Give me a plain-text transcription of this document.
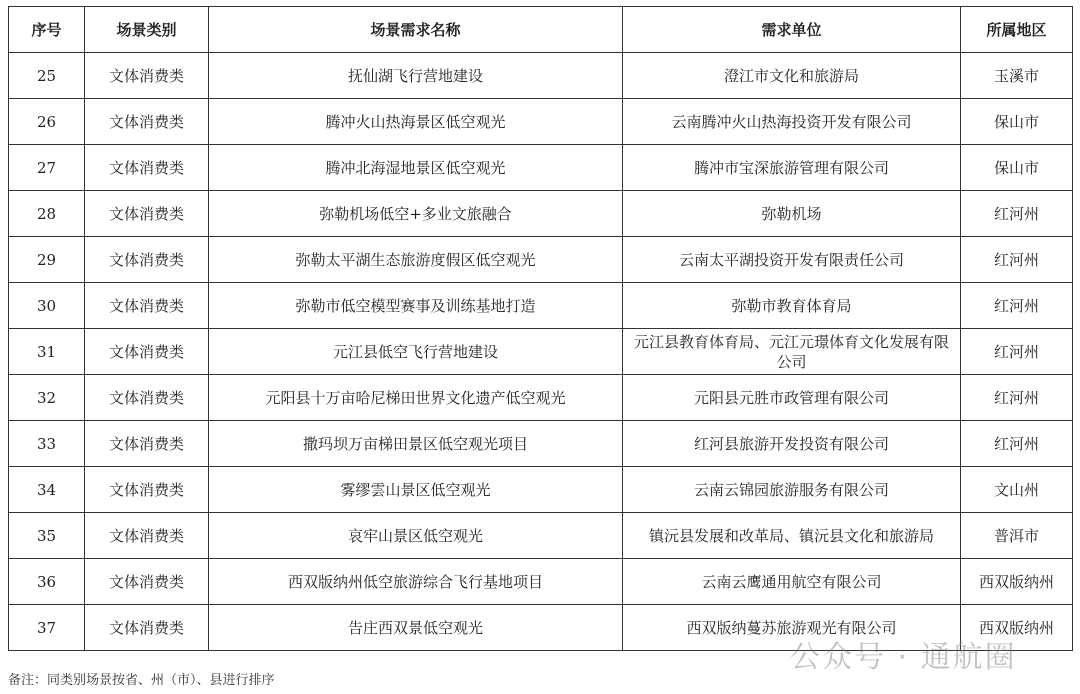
序号	场景类别	场景需求名称	需求单位	所属地区
25	文体消费类	抚仙湖飞行营地建设	澄江市文化和旅游局	玉溪市
26	文体消费类	腾冲火山热海景区低空观光	云南腾冲火山热海投资开发有限公司	保山市
27	文体消费类	腾冲北海湿地景区低空观光	腾冲市宝深旅游管理有限公司	保山市
28	文体消费类	弥勒机场低空+多业文旅融合	弥勒机场	红河州
29	文体消费类	弥勒太平湖生态旅游度假区低空观光	云南太平湖投资开发有限责任公司	红河州
30	文体消费类	弥勒市低空模型赛事及训练基地打造	弥勒市教育体育局	红河州
31	文体消费类	元江县低空飞行营地建设	元江县教育体育局、元江元璟体育文化发展有限公司	红河州
32	文体消费类	元阳县十万亩哈尼梯田世界文化遗产低空观光	元阳县元胜市政管理有限公司	红河州
33	文体消费类	撒玛坝万亩梯田景区低空观光项目	红河县旅游开发投资有限公司	红河州
34	文体消费类	雾缪雲山景区低空观光	云南云锦园旅游服务有限公司	文山州
35	文体消费类	哀牢山景区低空观光	镇沅县发展和改革局、镇沅县文化和旅游局	普洱市
36	文体消费类	西双版纳州低空旅游综合飞行基地项目	云南云鹰通用航空有限公司	西双版纳州
37	文体消费类	告庄西双景低空观光	西双版纳蔓苏旅游观光有限公司	西双版纳州
备注：同类别场景按省、州（市）、县进行排序
公众号 · 通航圈
